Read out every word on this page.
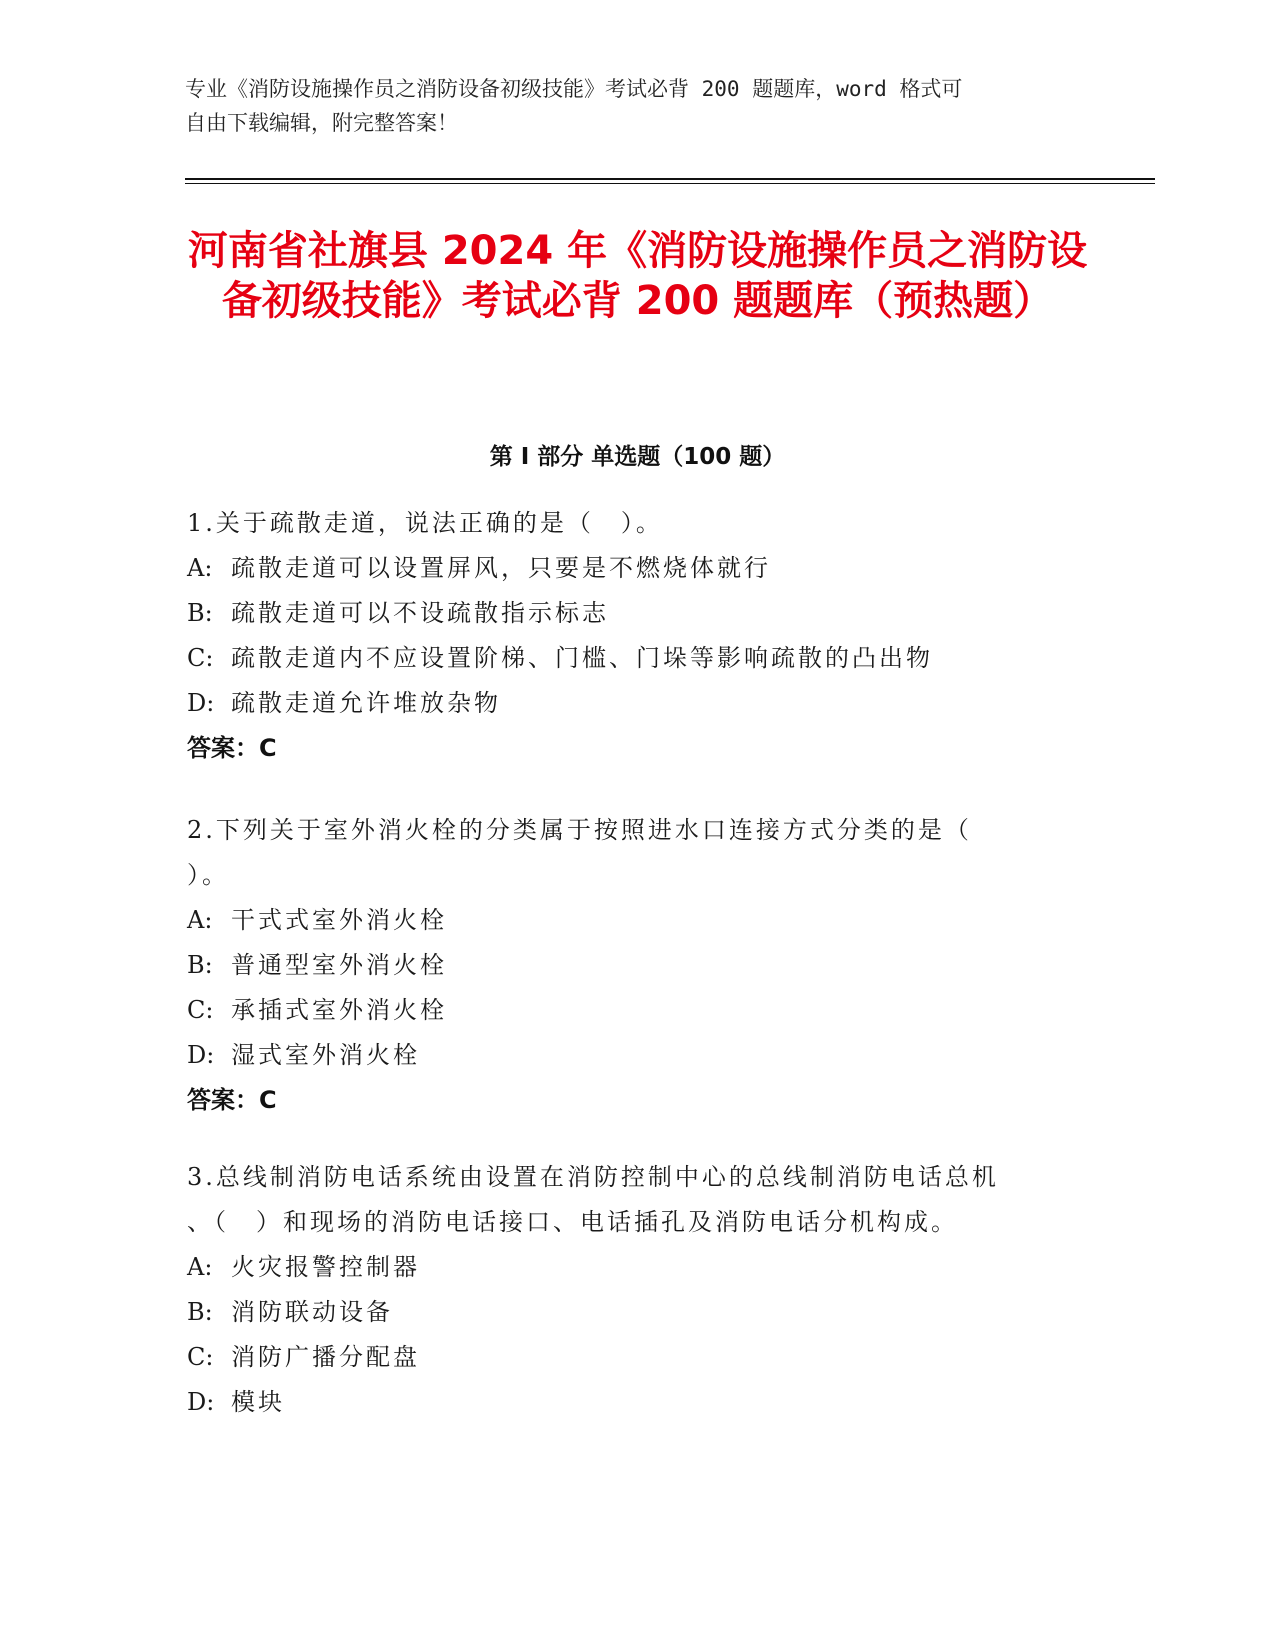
专业《消防设施操作员之消防设备初级技能》考试必背 200 题题库，word 格式可
自由下载编辑，附完整答案！
河南省社旗县 2024 年《消防设施操作员之消防设备初级技能》考试必背 200 题题库（预热题）
第 I 部分 单选题（100 题）

1.关于疏散走道，说法正确的是（　）。

A: 疏散走道可以设置屏风，只要是不燃烧体就行

B: 疏散走道可以不设疏散指示标志

C: 疏散走道内不应设置阶梯、门槛、门垛等影响疏散的凸出物

D: 疏散走道允许堆放杂物

答案：C

2.下列关于室外消火栓的分类属于按照进水口连接方式分类的是（
）。

A: 干式式室外消火栓

B: 普通型室外消火栓

C: 承插式室外消火栓

D: 湿式室外消火栓

答案：C

3.总线制消防电话系统由设置在消防控制中心的总线制消防电话总机
、（　）和现场的消防电话接口、电话插孔及消防电话分机构成。

A: 火灾报警控制器

B: 消防联动设备

C: 消防广播分配盘

D: 模块
